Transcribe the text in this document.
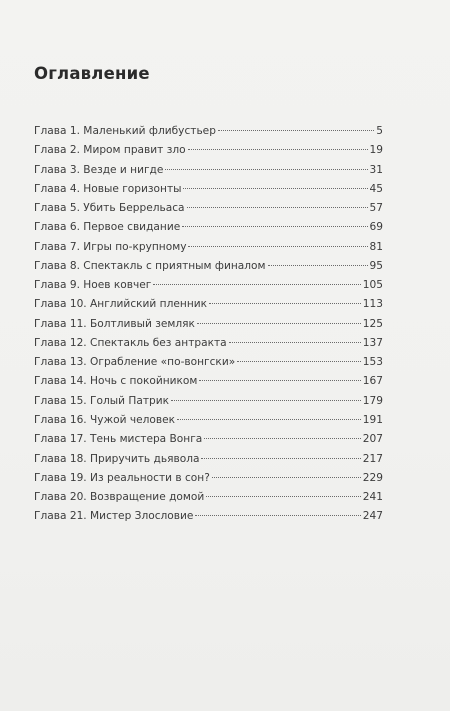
Оглавление
Глава 1. Маленький флибустьер	5
Глава 2. Миром правит зло	19
Глава 3. Везде и нигде	31
Глава 4. Новые горизонты	45
Глава 5. Убить Беррельаса	57
Глава 6. Первое свидание	69
Глава 7. Игры по-крупному	81
Глава 8. Спектакль с приятным финалом	95
Глава 9. Ноев ковчег	105
Глава 10. Английский пленник	113
Глава 11. Болтливый земляк	125
Глава 12. Спектакль без антракта	137
Глава 13. Ограбление «по-вонгски»	153
Глава 14. Ночь с покойником	167
Глава 15. Голый Патрик	179
Глава 16. Чужой человек	191
Глава 17. Тень мистера Вонга	207
Глава 18. Приручить дьявола	217
Глава 19. Из реальности в сон?	229
Глава 20. Возвращение домой	241
Глава 21. Мистер Злословие	247
